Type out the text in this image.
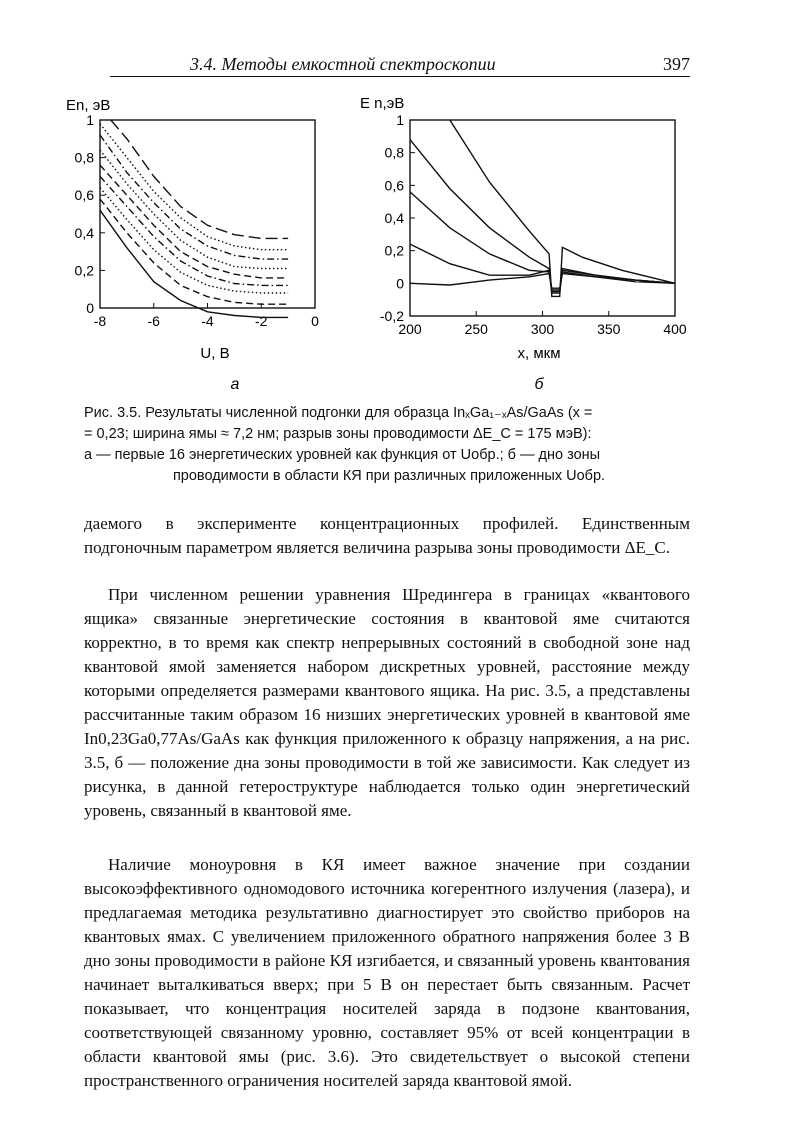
3.4. Методы емкостной спектроскопии	397
En, эВ
0
0,2
0,4
0,6
0,8
1
-8	-6	-4	-2	0
U, В
а
E n,эВ
-0,2
0
0,2
0,4
0,6
0,8
1
200	250	300	350	400
x, мкм
б

Рис. 3.5. Результаты численной подгонки для образца InₓGa₁₋ₓAs/GaAs (x =

= 0,23; ширина ямы ≈ 7,2 нм; разрыв зоны проводимости ΔE_C = 175 мэВ):

а — первые 16 энергетических уровней как функция от Uобр.; б — дно зоны

проводимости в области КЯ при различных приложенных Uобр.

даемого в эксперименте концентрационных профилей. Единственным подгоночным параметром является величина разрыва зоны проводимости ΔE_C.

При численном решении уравнения Шредингера в границах «квантового ящика» связанные энергетические состояния в квантовой яме считаются корректно, в то время как спектр непрерывных состояний в свободной зоне над квантовой ямой заменяется набором дискретных уровней, расстояние между которыми определяется размерами квантового ящика. На рис. 3.5, а представлены рассчитанные таким образом 16 низших энергетических уровней в квантовой яме In0,23Ga0,77As/GaAs как функция приложенного к образцу напряжения, а на рис. 3.5, б — положение дна зоны проводимости в той же зависимости. Как следует из рисунка, в данной гетероструктуре наблюдается только один энергетический уровень, связанный в квантовой яме.

Наличие моноуровня в КЯ имеет важное значение при создании высокоэффективного одномодового источника когерентного излучения (лазера), и предлагаемая методика результативно диагностирует это свойство приборов на квантовых ямах. С увеличением приложенного обратного напряжения более 3 В дно зоны проводимости в районе КЯ изгибается, и связанный уровень квантования начинает выталкиваться вверх; при 5 В он перестает быть связанным. Расчет показывает, что концентрация носителей заряда в подзоне квантования, соответствующей связанному уровню, составляет 95% от всей концентрации в области квантовой ямы (рис. 3.6). Это свидетельствует о высокой степени пространственного ограничения носителей заряда квантовой ямой.
